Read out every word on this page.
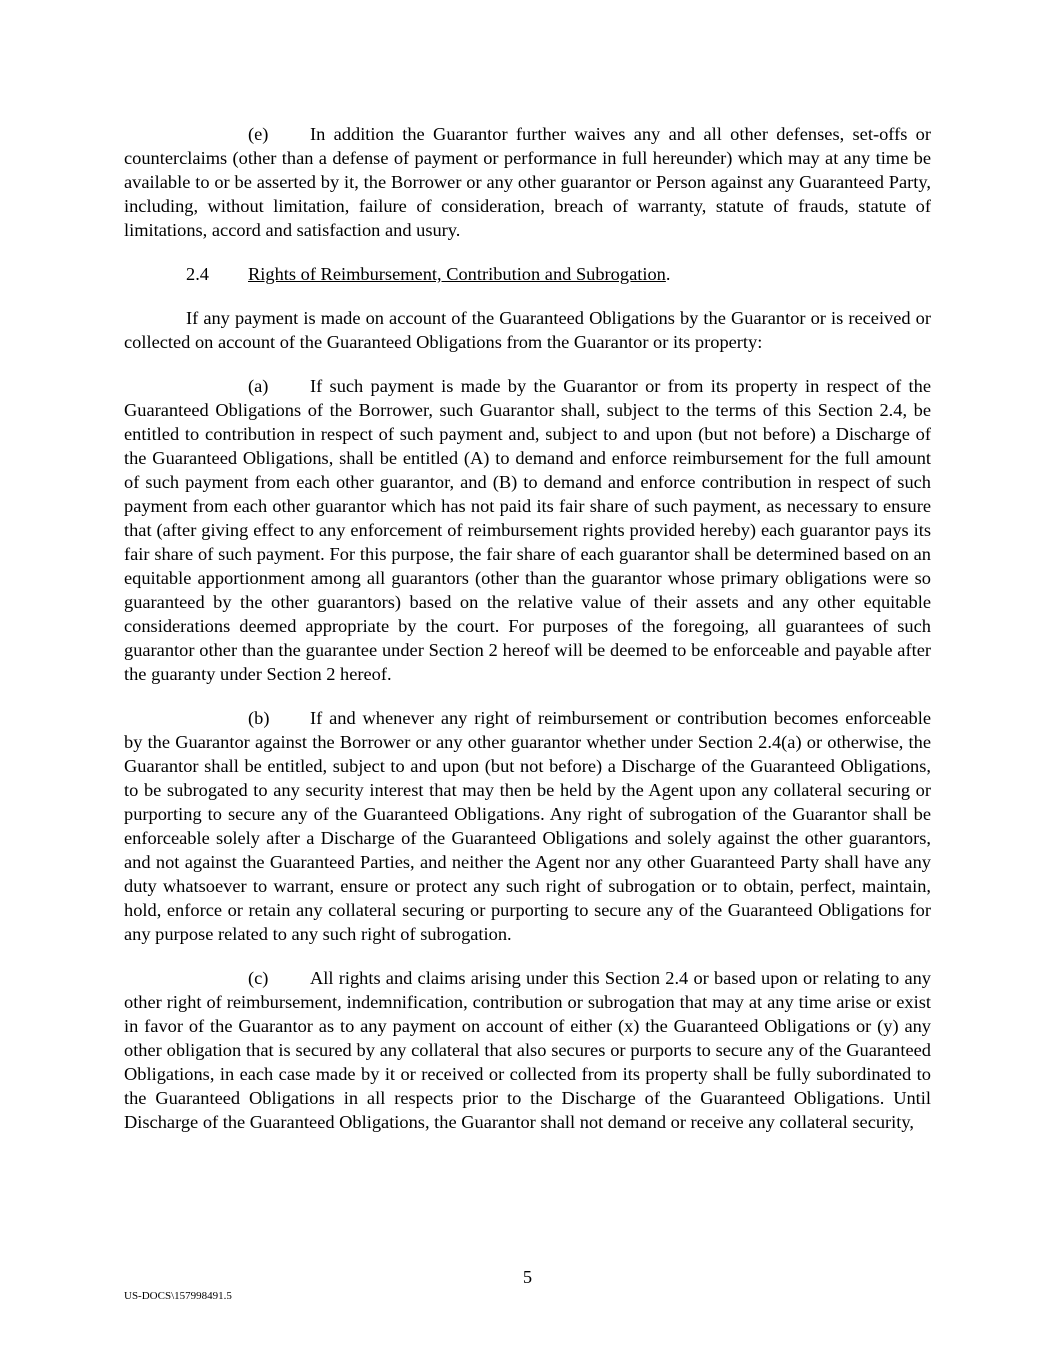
(e) In addition the Guarantor further waives any and all other defenses, set-offs or counterclaims (other than a defense of payment or performance in full hereunder) which may at any time be available to or be asserted by it, the Borrower or any other guarantor or Person against any Guaranteed Party, including, without limitation, failure of consideration, breach of warranty, statute of frauds, statute of limitations, accord and satisfaction and usury.

2.4 Rights of Reimbursement, Contribution and Subrogation.

If any payment is made on account of the Guaranteed Obligations by the Guarantor or is received or collected on account of the Guaranteed Obligations from the Guarantor or its property:

(a) If such payment is made by the Guarantor or from its property in respect of the Guaranteed Obligations of the Borrower, such Guarantor shall, subject to the terms of this Section 2.4, be entitled to contribution in respect of such payment and, subject to and upon (but not before) a Discharge of the Guaranteed Obligations, shall be entitled (A) to demand and enforce reimbursement for the full amount of such payment from each other guarantor, and (B) to demand and enforce contribution in respect of such payment from each other guarantor which has not paid its fair share of such payment, as necessary to ensure that (after giving effect to any enforcement of reimbursement rights provided hereby) each guarantor pays its fair share of such payment. For this purpose, the fair share of each guarantor shall be determined based on an equitable apportionment among all guarantors (other than the guarantor whose primary obligations were so guaranteed by the other guarantors) based on the relative value of their assets and any other equitable considerations deemed appropriate by the court. For purposes of the foregoing, all guarantees of such guarantor other than the guarantee under Section 2 hereof will be deemed to be enforceable and payable after the guaranty under Section 2 hereof.

(b) If and whenever any right of reimbursement or contribution becomes enforceable by the Guarantor against the Borrower or any other guarantor whether under Section 2.4(a) or otherwise, the Guarantor shall be entitled, subject to and upon (but not before) a Discharge of the Guaranteed Obligations, to be subrogated to any security interest that may then be held by the Agent upon any collateral securing or purporting to secure any of the Guaranteed Obligations. Any right of subrogation of the Guarantor shall be enforceable solely after a Discharge of the Guaranteed Obligations and solely against the other guarantors, and not against the Guaranteed Parties, and neither the Agent nor any other Guaranteed Party shall have any duty whatsoever to warrant, ensure or protect any such right of subrogation or to obtain, perfect, maintain, hold, enforce or retain any collateral securing or purporting to secure any of the Guaranteed Obligations for any purpose related to any such right of subrogation.

(c) All rights and claims arising under this Section 2.4 or based upon or relating to any other right of reimbursement, indemnification, contribution or subrogation that may at any time arise or exist in favor of the Guarantor as to any payment on account of either (x) the Guaranteed Obligations or (y) any other obligation that is secured by any collateral that also secures or purports to secure any of the Guaranteed Obligations, in each case made by it or received or collected from its property shall be fully subordinated to the Guaranteed Obligations in all respects prior to the Discharge of the Guaranteed Obligations. Until Discharge of the Guaranteed Obligations, the Guarantor shall not demand or receive any collateral security,

5
US-DOCS\157998491.5
